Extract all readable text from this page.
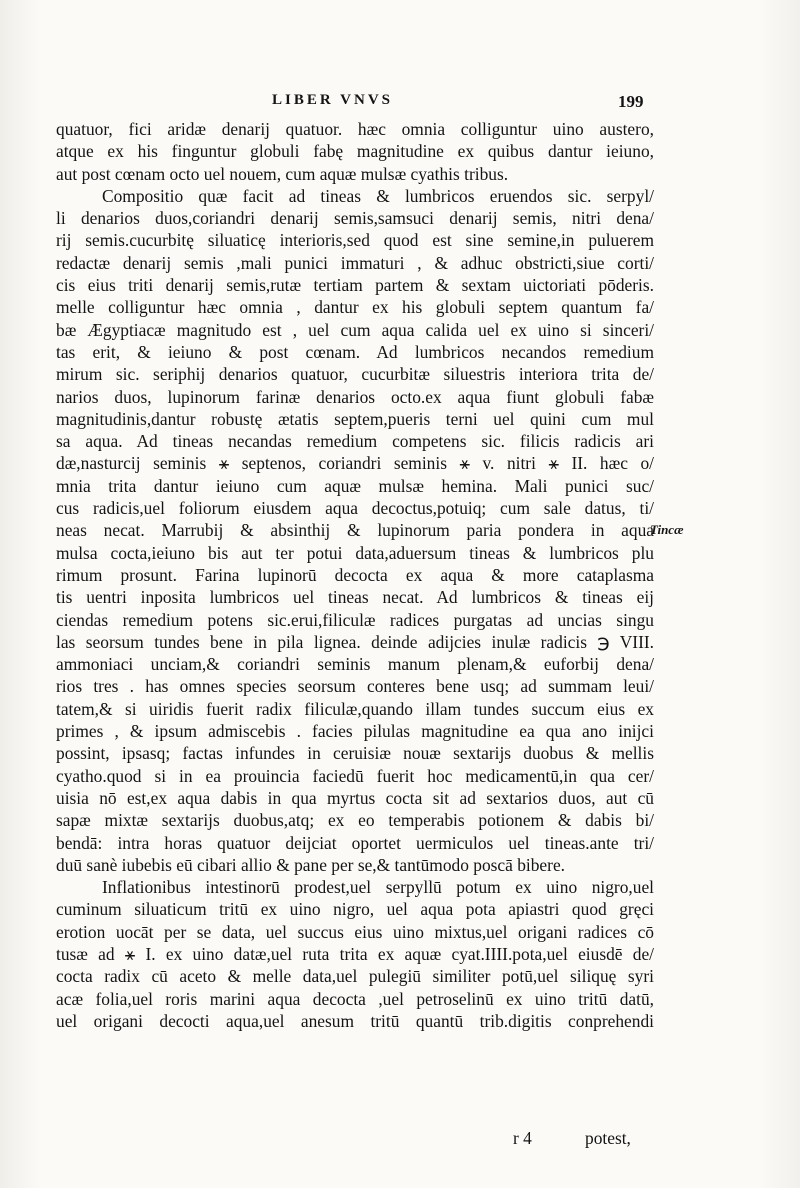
LIBER VNVS	199
quatuor, fici aridæ denarij quatuor. hæc omnia colliguntur uino austero,
atque ex his finguntur globuli fabę magnitudine ex quibus dantur ieiuno,
aut post cœnam octo uel nouem, cum aquæ mulsæ cyathis tribus.
Compositio quæ facit ad tineas & lumbricos eruendos sic. serpyl/
li denarios duos,coriandri denarij semis,samsuci denarij semis, nitri dena/
rij semis.cucurbitę siluaticę interioris,sed quod est sine semine,in puluerem
redactæ denarij semis ,mali punici immaturi , & adhuc obstricti,siue corti/
cis eius triti denarij semis,rutæ tertiam partem & sextam uictoriati pōderis.
melle colliguntur hæc omnia , dantur ex his globuli septem quantum fa/
bæ Ægyptiacæ magnitudo est , uel cum aqua calida uel ex uino si sinceri/
tas erit, & ieiuno & post cœnam. Ad lumbricos necandos remedium
mirum sic. seriphij denarios quatuor, cucurbitæ siluestris interiora trita de/
narios duos, lupinorum farinæ denarios octo.ex aqua fiunt globuli fabæ
magnitudinis,dantur robustę ætatis septem,pueris terni uel quini cum mul
sa aqua. Ad tineas necandas remedium competens sic. filicis radicis ari
dæ,nasturcij seminis ⚹ septenos, coriandri seminis ⚹ v. nitri ⚹ II. hæc o/
mnia trita dantur ieiuno cum aquæ mulsæ hemina. Mali punici suc/
cus radicis,uel foliorum eiusdem aqua decoctus,potuiq; cum sale datus, ti/
neas necat. Marrubij & absinthij & lupinorum paria pondera in aqua
mulsa cocta,ieiuno bis aut ter potui data,aduersum tineas & lumbricos plu
rimum prosunt. Farina lupinorū decocta ex aqua & more cataplasma
tis uentri inposita lumbricos uel tineas necat. Ad lumbricos & tineas eij
ciendas remedium potens sic.erui,filiculæ radices purgatas ad uncias singu
las seorsum tundes bene in pila lignea. deinde adijcies inulæ radicis ℈ VIII.
ammoniaci unciam,& coriandri seminis manum plenam,& euforbij dena/
rios tres . has omnes species seorsum conteres bene usq; ad summam leui/
tatem,& si uiridis fuerit radix filiculæ,quando illam tundes succum eius ex
primes , & ipsum admiscebis . facies pilulas magnitudine ea qua ano inijci
possint, ipsasq; factas infundes in ceruisiæ nouæ sextarijs duobus & mellis
cyatho.quod si in ea prouincia faciedū fuerit hoc medicamentū,in qua cer/
uisia nō est,ex aqua dabis in qua myrtus cocta sit ad sextarios duos, aut cū
sapæ mixtæ sextarijs duobus,atq; ex eo temperabis potionem & dabis bi/
bendā: intra horas quatuor deijciat oportet uermiculos uel tineas.ante tri/
duū sanè iubebis eū cibari allio & pane per se,& tantūmodo poscā bibere.
Inflationibus intestinorū prodest,uel serpyllū potum ex uino nigro,uel
cuminum siluaticum tritū ex uino nigro, uel aqua pota apiastri quod gręci
erotion uocāt per se data, uel succus eius uino mixtus,uel origani radices cō
tusæ ad ⚹ I. ex uino datæ,uel ruta trita ex aquæ cyat.IIII.pota,uel eiusdē de/
cocta radix cū aceto & melle data,uel pulegiū similiter potū,uel siliquę syri
acæ folia,uel roris marini aqua decocta ,uel petroselinū ex uino tritū datū,
uel origani decocti aqua,uel anesum tritū quantū trib.digitis conprehendi
Tincæ
r 4	potest,
